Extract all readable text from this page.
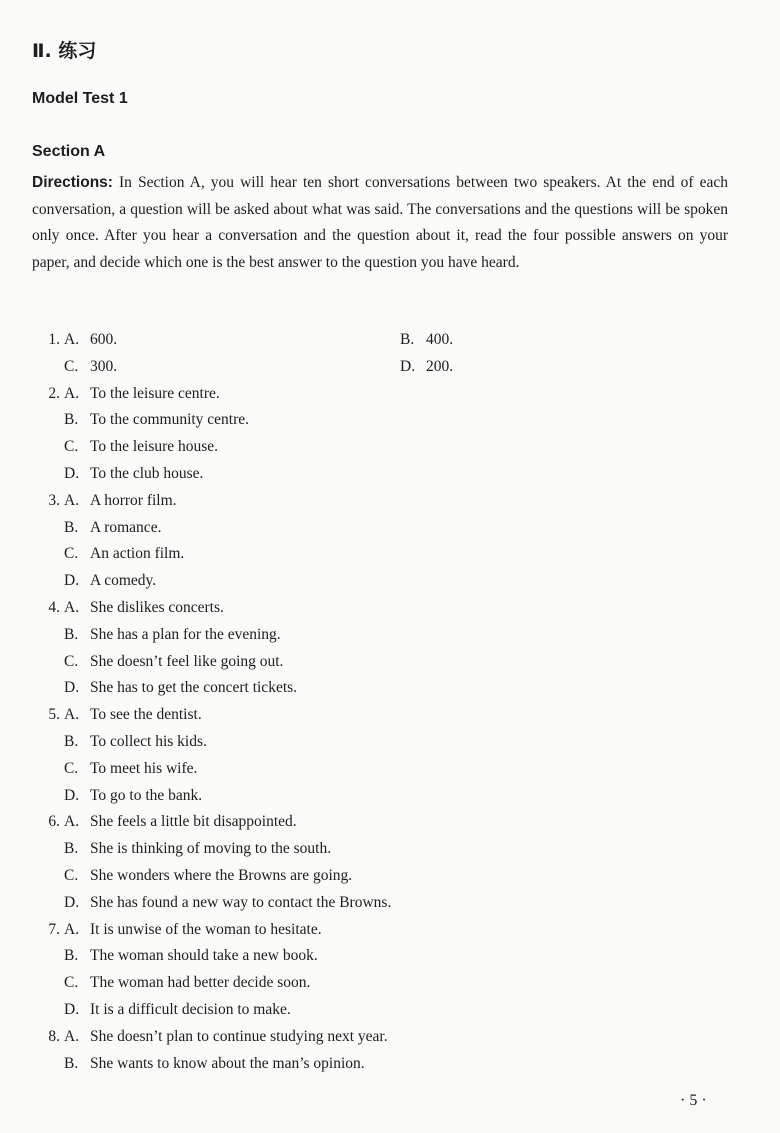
Ⅱ. 练习
Model Test 1
Section A
Directions: In Section A, you will hear ten short conversations between two speakers. At the end of each conversation, a question will be asked about what was said. The conversations and the questions will be spoken only once. After you hear a conversation and the question about it, read the four possible answers on your paper, and decide which one is the best answer to the question you have heard.
1. A. 600.	B. 400.
C. 300.	D. 200.
2. A. To the leisure centre.
B. To the community centre.
C. To the leisure house.
D. To the club house.
3. A. A horror film.
B. A romance.
C. An action film.
D. A comedy.
4. A. She dislikes concerts.
B. She has a plan for the evening.
C. She doesn’t feel like going out.
D. She has to get the concert tickets.
5. A. To see the dentist.
B. To collect his kids.
C. To meet his wife.
D. To go to the bank.
6. A. She feels a little bit disappointed.
B. She is thinking of moving to the south.
C. She wonders where the Browns are going.
D. She has found a new way to contact the Browns.
7. A. It is unwise of the woman to hesitate.
B. The woman should take a new book.
C. The woman had better decide soon.
D. It is a difficult decision to make.
8. A. She doesn’t plan to continue studying next year.
B. She wants to know about the man’s opinion.
· 5 ·
